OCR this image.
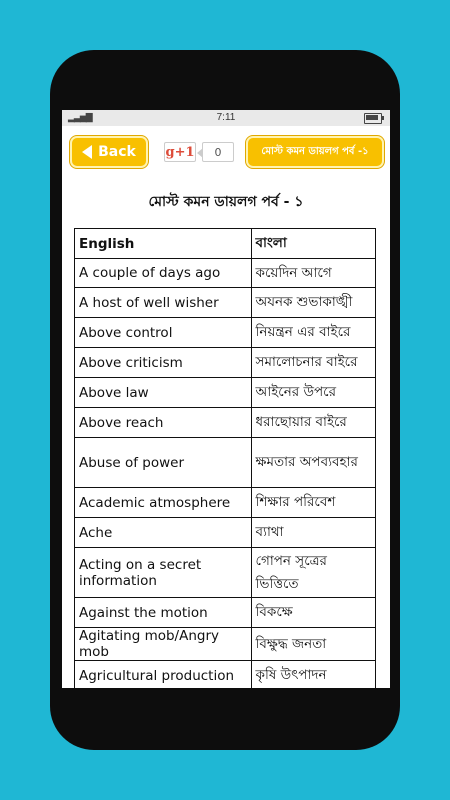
▂▃▅▇	7:11
Back g+1	0	মোস্ট কমন ডায়লগ পর্ব -১
মোস্ট কমন ডায়লগ পর্ব - ১
English	বাংলা
A couple of days ago	কয়েদিন আগে
A host of well wisher	অযনক শুভাকাঙ্খী
Above control	নিয়ন্ত্রন এর বাইরে
Above criticism	সমালোচনার বাইরে
Above law	আইনের উপরে
Above reach	ধরাছোয়ার বাইরে
Abuse of power	ক্ষমতার অপব্যবহার
Academic atmosphere	শিক্ষার পরিবেশ
Ache	ব্যাথা
Acting on a secret information	গোপন সূত্রের ভিত্তিতে
Against the motion	বিকক্ষে
Agitating mob/Angry mob	বিক্ষুদ্ধ জনতা
Agricultural production	কৃষি উৎপাদন
